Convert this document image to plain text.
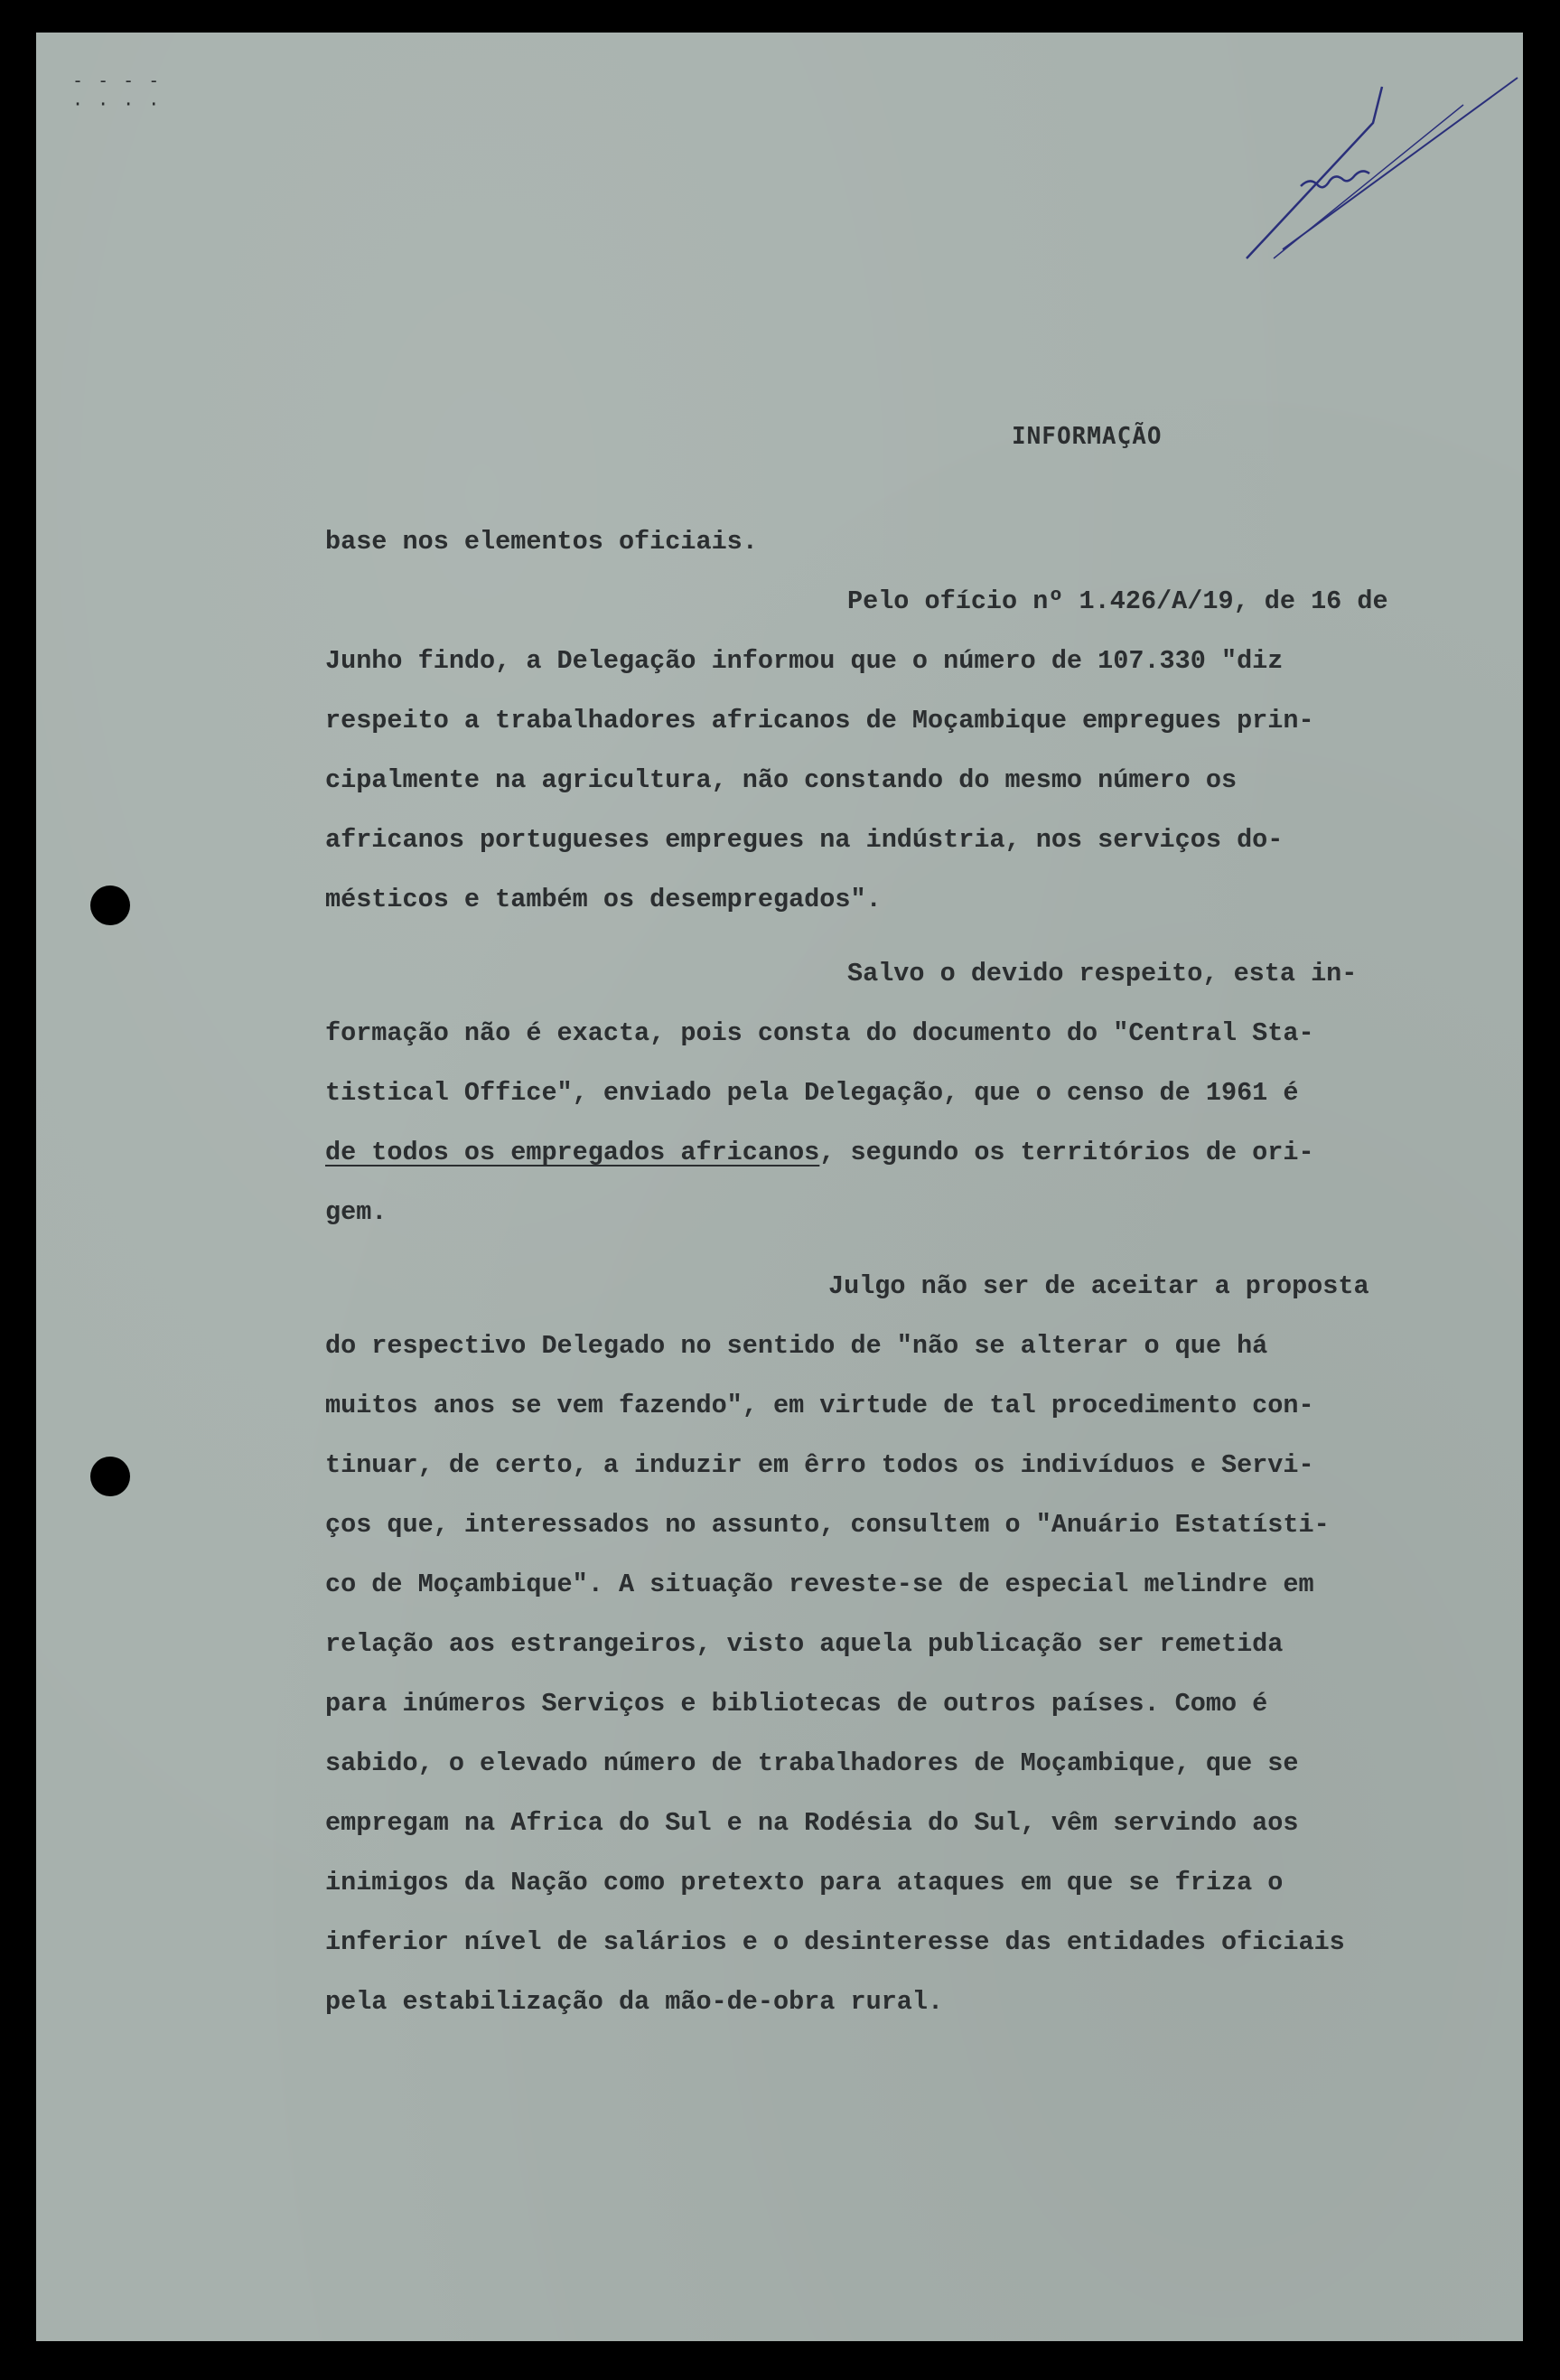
- - - -
· · · ·
INFORMAÇÃO
base nos elementos oficiais.
Pelo ofício nº 1.426/A/19, de 16 de
Junho findo, a Delegação informou que o número de 107.330 "diz
respeito a trabalhadores africanos de Moçambique empregues prin-
cipalmente na agricultura, não constando do mesmo número os
africanos portugueses empregues na indústria, nos serviços do-
mésticos e também os desempregados".
Salvo o devido respeito, esta in-
formação não é exacta, pois consta do documento do "Central Sta-
tistical Office", enviado pela Delegação, que o censo de 1961 é
de todos os empregados africanos, segundo os territórios de ori-
gem.
Julgo não ser de aceitar a proposta
do respectivo Delegado no sentido de "não se alterar o que há
muitos anos se vem fazendo", em virtude de tal procedimento con-
tinuar, de certo, a induzir em êrro todos os indivíduos e Servi-
ços que, interessados no assunto, consultem o "Anuário Estatísti-
co de Moçambique". A situação reveste-se de especial melindre em
relação aos estrangeiros, visto aquela publicação ser remetida
para inúmeros Serviços e bibliotecas de outros países. Como é
sabido, o elevado número de trabalhadores de Moçambique, que se
empregam na Africa do Sul e na Rodésia do Sul, vêm servindo aos
inimigos da Nação como pretexto para ataques em que se friza o
inferior nível de salários e o desinteresse das entidades oficiais
pela estabilização da mão-de-obra rural.
